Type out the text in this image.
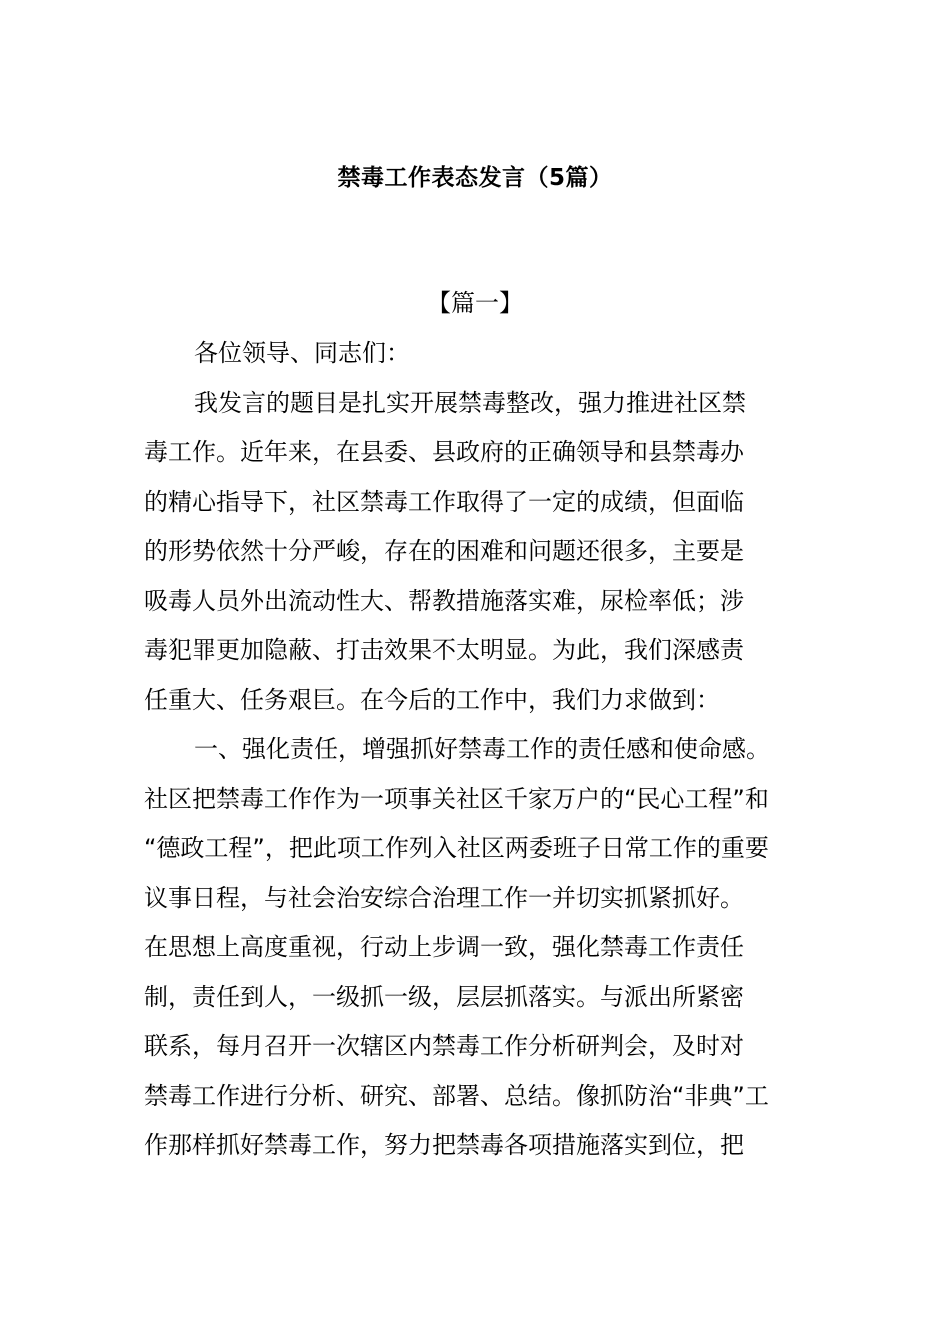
禁毒工作表态发言（5篇）
【篇一】
各位领导、同志们：
我发言的题目是扎实开展禁毒整改，强力推进社区禁
毒工作。近年来，在县委、县政府的正确领导和县禁毒办
的精心指导下，社区禁毒工作取得了一定的成绩，但面临
的形势依然十分严峻，存在的困难和问题还很多，主要是
吸毒人员外出流动性大、帮教措施落实难，尿检率低；涉
毒犯罪更加隐蔽、打击效果不太明显。为此，我们深感责
任重大、任务艰巨。在今后的工作中，我们力求做到：
一、强化责任，增强抓好禁毒工作的责任感和使命感。
社区把禁毒工作作为一项事关社区千家万户的“民心工程”和
“德政工程”，把此项工作列入社区两委班子日常工作的重要
议事日程，与社会治安综合治理工作一并切实抓紧抓好。
在思想上高度重视，行动上步调一致，强化禁毒工作责任
制，责任到人，一级抓一级，层层抓落实。与派出所紧密
联系，每月召开一次辖区内禁毒工作分析研判会，及时对
禁毒工作进行分析、研究、部署、总结。像抓防治“非典”工
作那样抓好禁毒工作，努力把禁毒各项措施落实到位，把
